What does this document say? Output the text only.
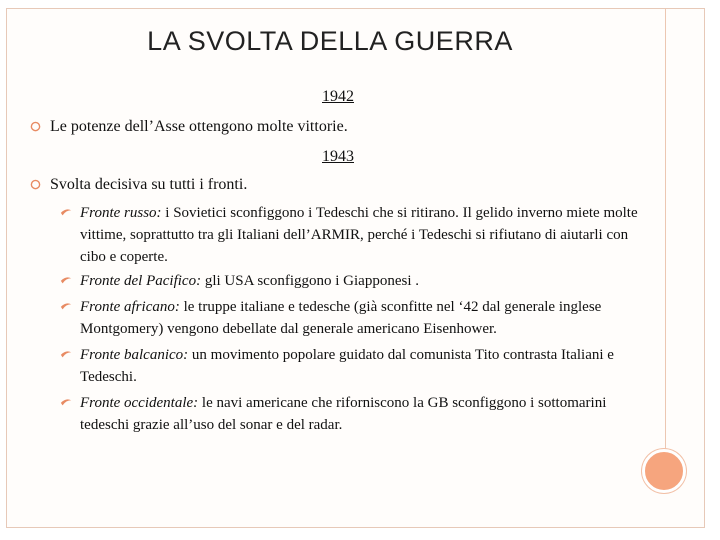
LA SVOLTA DELLA GUERRA
1942
Le potenze dell’Asse ottengono molte vittorie.
1943
Svolta decisiva su tutti i fronti.
Fronte russo: i Sovietici sconfiggono i Tedeschi che si ritirano. Il gelido inverno miete molte vittime, soprattutto tra gli Italiani dell’ARMIR, perché i Tedeschi si rifiutano di aiutarli con cibo e coperte.
Fronte del Pacifico: gli USA sconfiggono i Giapponesi .
Fronte africano: le truppe italiane e tedesche (già sconfitte nel ‘42 dal generale inglese Montgomery) vengono debellate dal generale americano Eisenhower.
Fronte balcanico: un movimento popolare guidato dal comunista Tito contrasta Italiani e Tedeschi.
Fronte occidentale: le navi americane che riforniscono la GB sconfiggono i sottomarini tedeschi grazie all’uso del sonar e del radar.
